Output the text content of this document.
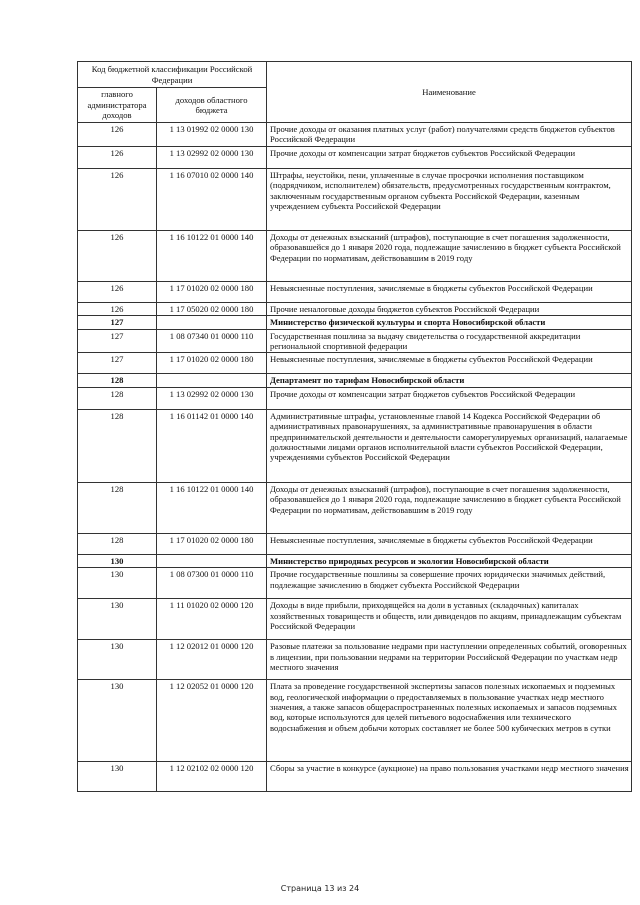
Код бюджетной классификации Российской Федерации		Наименование
главного администратора доходов	доходов областного бюджета	
126	1 13 01992 02 0000 130	Прочие доходы от оказания платных услуг (работ) получателями средств бюджетов субъектов Российской Федерации
126	1 13 02992 02 0000 130	Прочие доходы от компенсации затрат бюджетов субъектов Российской Федерации
126	1 16 07010 02 0000 140	Штрафы, неустойки, пени, уплаченные в случае просрочки исполнения поставщиком (подрядчиком, исполнителем) обязательств, предусмотренных государственным контрактом, заключенным государственным органом субъекта Российской Федерации, казенным учреждением субъекта Российской Федерации
126	1 16 10122 01 0000 140	Доходы от денежных взысканий (штрафов), поступающие в счет погашения задолженности, образовавшейся до 1 января 2020 года, подлежащие зачислению в бюджет субъекта Российской Федерации по нормативам, действовавшим в 2019 году
126	1 17 01020 02 0000 180	Невыясненные поступления, зачисляемые в бюджеты субъектов Российской Федерации
126	1 17 05020 02 0000 180	Прочие неналоговые доходы бюджетов субъектов Российской Федерации
127		Министерство физической культуры и спорта Новосибирской области
127	1 08 07340 01 0000 110	Государственная пошлина за выдачу свидетельства о государственной аккредитации региональной спортивной федерации
127	1 17 01020 02 0000 180	Невыясненные поступления, зачисляемые в бюджеты субъектов Российской Федерации
128		Департамент по тарифам Новосибирской области
128	1 13 02992 02 0000 130	Прочие доходы от компенсации затрат бюджетов субъектов Российской Федерации
128	1 16 01142 01 0000 140	Административные штрафы, установленные главой 14 Кодекса Российской Федерации об административных правонарушениях, за административные правонарушения в области предпринимательской деятельности и деятельности саморегулируемых организаций, налагаемые должностными лицами органов исполнительной власти субъектов Российской Федерации, учреждениями субъектов Российской Федерации
128	1 16 10122 01 0000 140	Доходы от денежных взысканий (штрафов), поступающие в счет погашения задолженности, образовавшейся до 1 января 2020 года, подлежащие зачислению в бюджет субъекта Российской Федерации по нормативам, действовавшим в 2019 году
128	1 17 01020 02 0000 180	Невыясненные поступления, зачисляемые в бюджеты субъектов Российской Федерации
130		Министерство природных ресурсов и экологии Новосибирской области
130	1 08 07300 01 0000 110	Прочие государственные пошлины за совершение прочих юридически значимых действий, подлежащие зачислению в бюджет субъекта Российской Федерации
130	1 11 01020 02 0000 120	Доходы в виде прибыли, приходящейся на доли в уставных (складочных) капиталах хозяйственных товариществ и обществ, или дивидендов по акциям, принадлежащим субъектам Российской Федерации
130	1 12 02012 01 0000 120	Разовые платежи за пользование недрами при наступлении определенных событий, оговоренных в лицензии, при пользовании недрами на территории Российской Федерации по участкам недр местного значения
130	1 12 02052 01 0000 120	Плата за проведение государственной экспертизы запасов полезных ископаемых и подземных вод, геологической информации о предоставляемых в пользование участках недр местного значения, а также запасов общераспространенных полезных ископаемых и запасов подземных вод, которые используются для целей питьевого водоснабжения или технического водоснабжения и объем добычи которых составляет не более 500 кубических метров в сутки
130	1 12 02102 02 0000 120	Сборы за участие в конкурсе (аукционе) на право пользования участками недр местного значения
Страница 13 из 24
